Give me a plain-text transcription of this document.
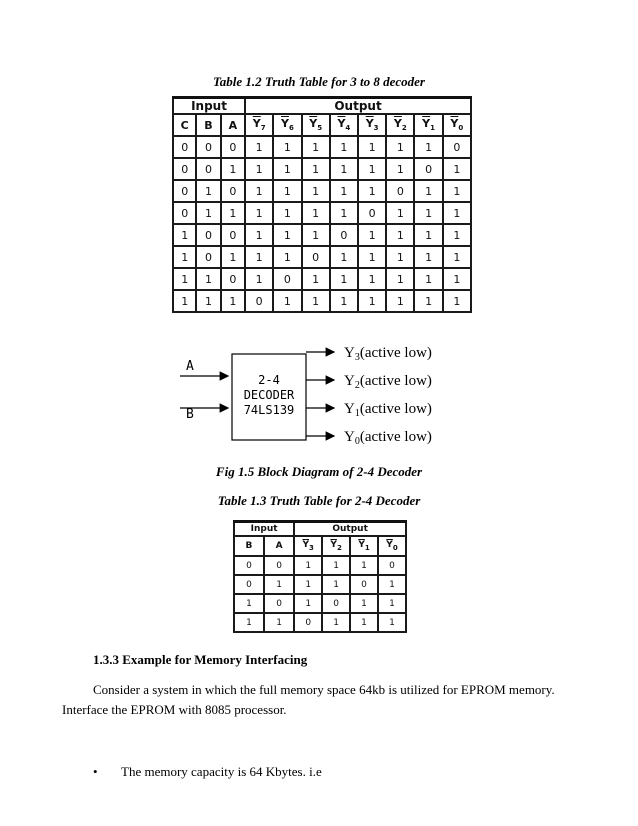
Table 1.2 Truth Table for 3 to 8 decoder
Input			Output							
C	B	A	$\overline{Y}_7$	$\overline{Y}_6$	$\overline{Y}_5$	$\overline{Y}_4$	$\overline{Y}_3$	$\overline{Y}_2$	$\overline{Y}_1$	$\overline{Y}_0$
0	0	0	1	1	1	1	1	1	1	0
0	0	1	1	1	1	1	1	1	0	1
0	1	0	1	1	1	1	1	0	1	1
0	1	1	1	1	1	1	0	1	1	1
1	0	0	1	1	1	0	1	1	1	1
1	0	1	1	1	0	1	1	1	1	1
1	1	0	1	0	1	1	1	1	1	1
1	1	1	0	1	1	1	1	1	1	1
A
B
2-4
DECODER
74LS139
$Y_3(active$ low)
$Y_2(active$ low)
$Y_1(active$ low)
$Y_0(active$ low)
Fig 1.5 Block Diagram of 2-4 Decoder
Table 1.3 Truth Table for 2-4 Decoder
Input		Output			
B	A	$\overline{Y}_3$	$\overline{Y}_2$	$\overline{Y}_1$	$\overline{Y}_0$
0	0	1	1	1	0
0	1	1	1	0	1
1	0	1	0	1	1
1	1	0	1	1	1
1.3.3 Example for Memory Interfacing
Consider a system in which the full memory space 64kb is utilized for EPROM memory.
Interface the EPROM with 8085 processor.
• The memory capacity is 64 Kbytes. i.e
